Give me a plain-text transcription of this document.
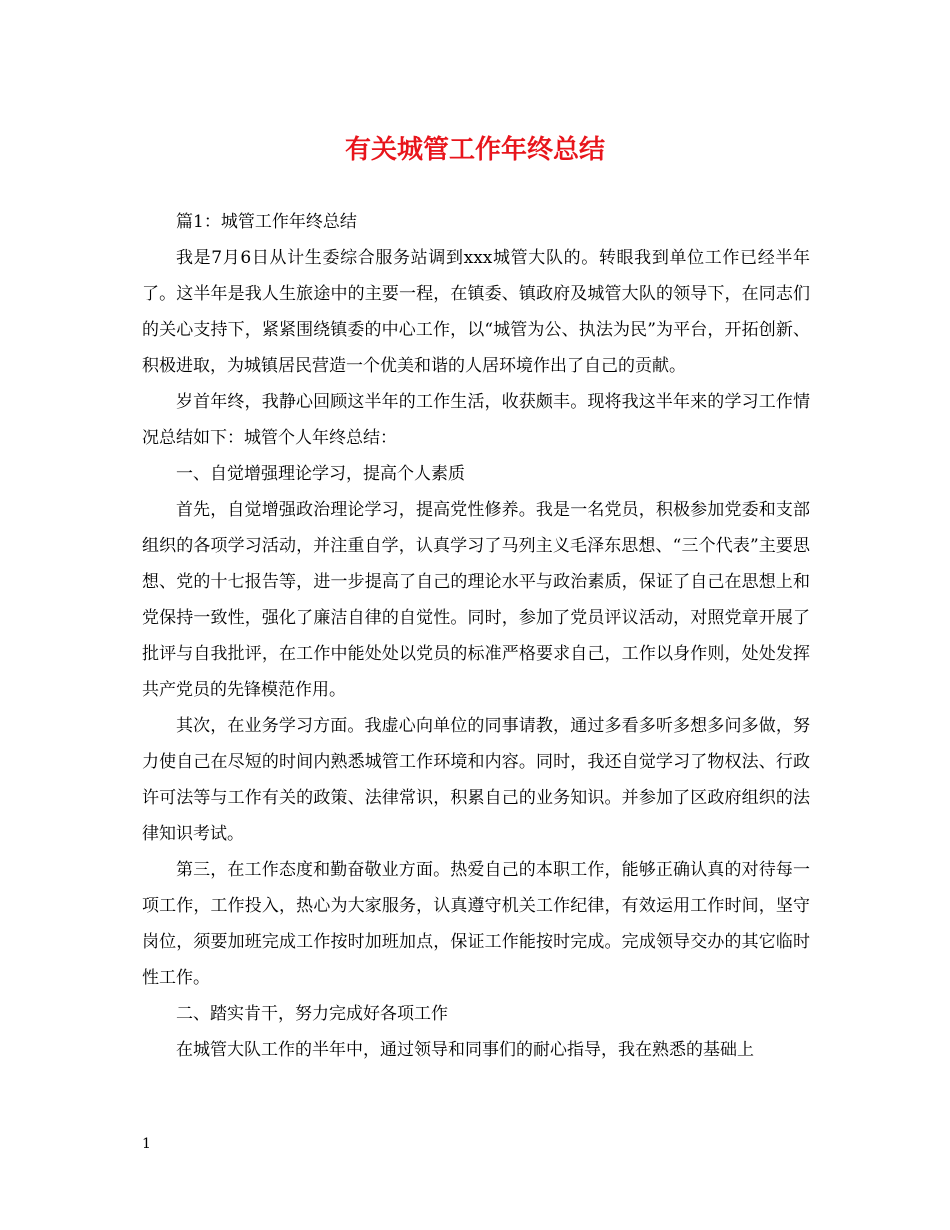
有关城管工作年终总结

篇1：城管工作年终总结

我是7月6日从计生委综合服务站调到xxx城管大队的。转眼我到单位工作已经半年了。这半年是我人生旅途中的主要一程，在镇委、镇政府及城管大队的领导下，在同志们的关心支持下，紧紧围绕镇委的中心工作，以“城管为公、执法为民”为平台，开拓创新、积极进取，为城镇居民营造一个优美和谐的人居环境作出了自己的贡献。

岁首年终，我静心回顾这半年的工作生活，收获颇丰。现将我这半年来的学习工作情况总结如下：城管个人年终总结：

一、自觉增强理论学习，提高个人素质

首先，自觉增强政治理论学习，提高党性修养。我是一名党员，积极参加党委和支部组织的各项学习活动，并注重自学，认真学习了马列主义毛泽东思想、“三个代表”主要思想、党的十七报告等，进一步提高了自己的理论水平与政治素质，保证了自己在思想上和党保持一致性，强化了廉洁自律的自觉性。同时，参加了党员评议活动，对照党章开展了批评与自我批评，在工作中能处处以党员的标准严格要求自己，工作以身作则，处处发挥共产党员的先锋模范作用。

其次，在业务学习方面。我虚心向单位的同事请教，通过多看多听多想多问多做，努力使自己在尽短的时间内熟悉城管工作环境和内容。同时，我还自觉学习了物权法、行政许可法等与工作有关的政策、法律常识，积累自己的业务知识。并参加了区政府组织的法律知识考试。

第三，在工作态度和勤奋敬业方面。热爱自己的本职工作，能够正确认真的对待每一项工作，工作投入，热心为大家服务，认真遵守机关工作纪律，有效运用工作时间，坚守岗位，须要加班完成工作按时加班加点，保证工作能按时完成。完成领导交办的其它临时性工作。

二、踏实肯干，努力完成好各项工作

在城管大队工作的半年中，通过领导和同事们的耐心指导，我在熟悉的基础上

1
